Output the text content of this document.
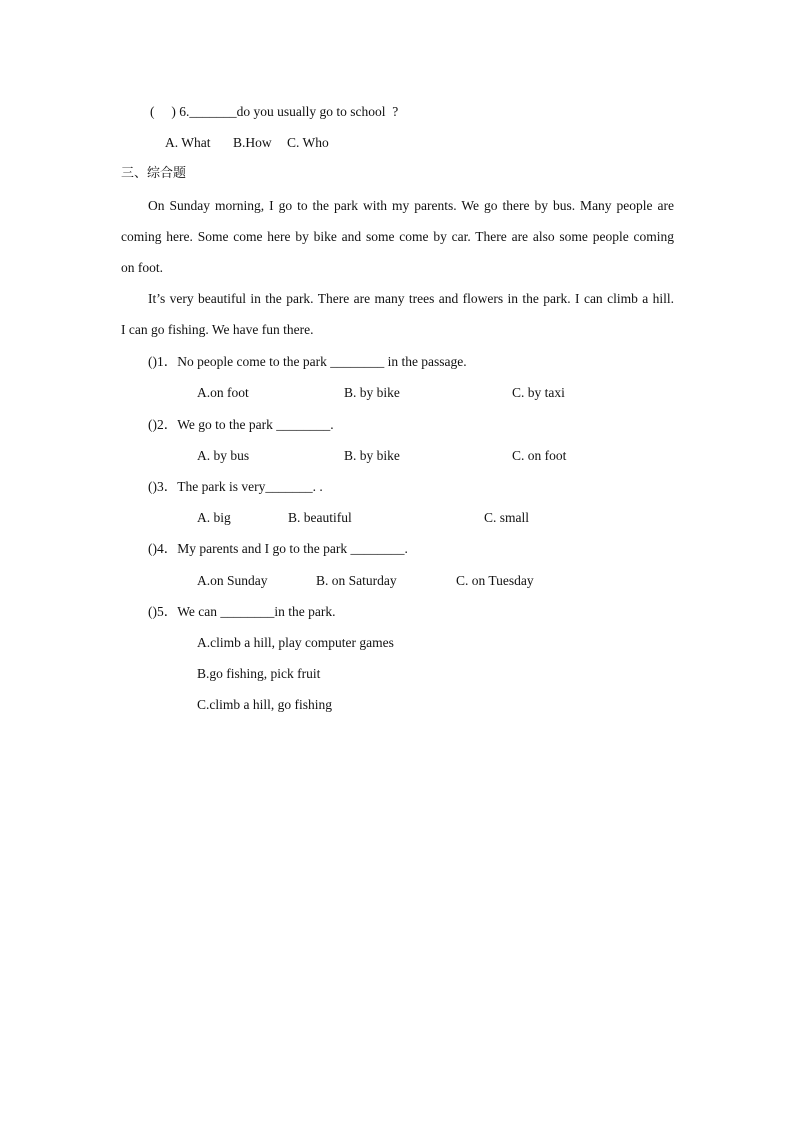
(     ) 6._______do you usually go to school  ?
A. What B.How C. Who
三、综合题
On Sunday morning, I go to the park with my parents. We go there by bus. Many people are
coming here. Some come here by bike and some come by car. There are also some people coming
on foot.
It’s very beautiful in the park. There are many trees and flowers in the park. I can climb a hill.
I can go fishing. We have fun there.
()1．No people come to the park ________ in the passage.
A.on foot	B. by bike	C. by taxi
()2．We go to the park ________.
A. by bus	B. by bike	C. on foot
()3．The park is very_______. .
A. big	B. beautiful	C. small
()4．My parents and I go to the park ________.
A.on Sunday	B. on Saturday	C. on Tuesday
()5．We can ________in the park.
A.climb a hill, play computer games
B.go fishing, pick fruit
C.climb a hill, go fishing
